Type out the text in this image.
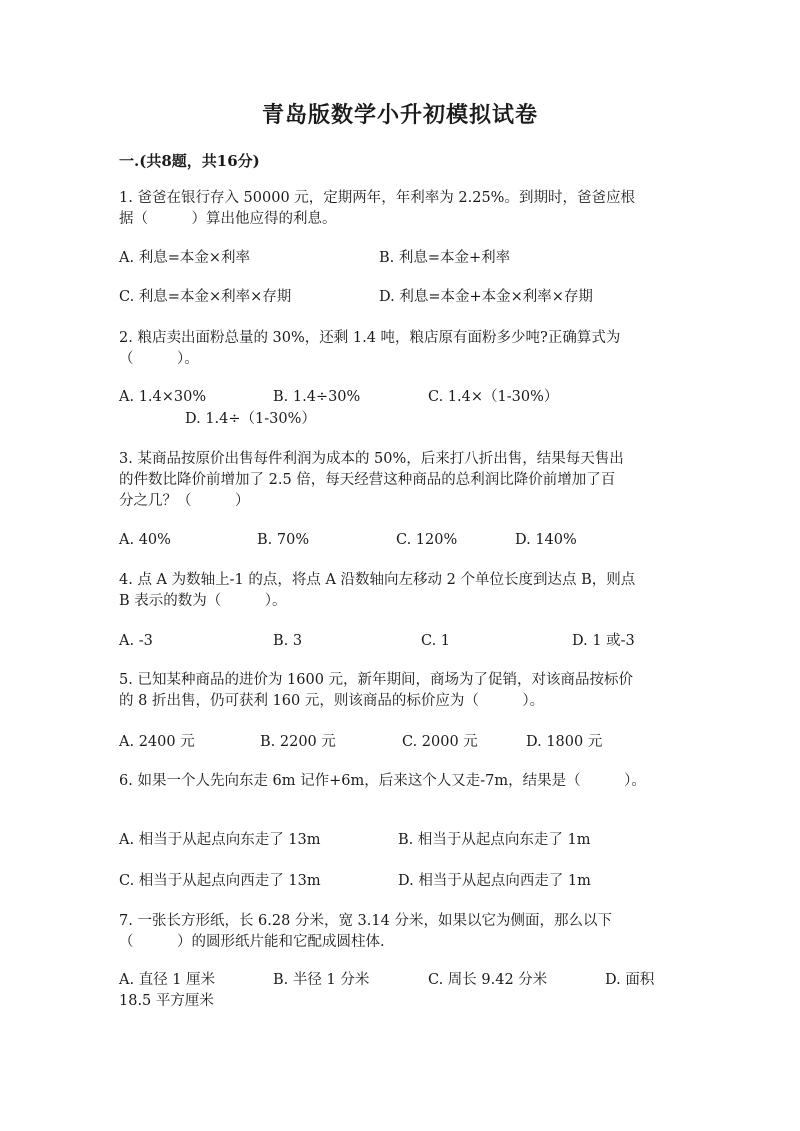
青岛版数学小升初模拟试卷
一.(共8题，共16分)
1. 爸爸在银行存入 50000 元，定期两年，年利率为 2.25%。到期时，爸爸应根
据（　　　）算出他应得的利息。
A. 利息=本金×利率	B. 利息=本金+利率
C. 利息=本金×利率×存期	D. 利息=本金+本金×利率×存期
2. 粮店卖出面粉总量的 30%，还剩 1.4 吨，粮店原有面粉多少吨?正确算式为
（　　　）。
A. 1.4×30%	B. 1.4÷30%	C. 1.4×（1-30%）
D. 1.4÷（1-30%）
3. 某商品按原价出售每件利润为成本的 50%，后来打八折出售，结果每天售出
的件数比降价前增加了 2.5 倍，每天经营这种商品的总利润比降价前增加了百
分之几？（　　　）
A. 40%	B. 70%	C. 120%	D. 140%
4. 点 A 为数轴上-1 的点，将点 A 沿数轴向左移动 2 个单位长度到达点 B，则点
B 表示的数为（　　　）。
A. -3	B. 3	C. 1	D. 1 或-3
5. 已知某种商品的进价为 1600 元，新年期间，商场为了促销，对该商品按标价
的 8 折出售，仍可获利 160 元，则该商品的标价应为（　　　）。
A. 2400 元	B. 2200 元	C. 2000 元	D. 1800 元
6. 如果一个人先向东走 6m 记作+6m，后来这个人又走-7m，结果是（　　　）。
A. 相当于从起点向东走了 13m	B. 相当于从起点向东走了 1m
C. 相当于从起点向西走了 13m	D. 相当于从起点向西走了 1m
7. 一张长方形纸，长 6.28 分米，宽 3.14 分米，如果以它为侧面，那么以下
（　　　）的圆形纸片能和它配成圆柱体.
A. 直径 1 厘米	B. 半径 1 分米	C. 周长 9.42 分米	D. 面积
18.5 平方厘米
